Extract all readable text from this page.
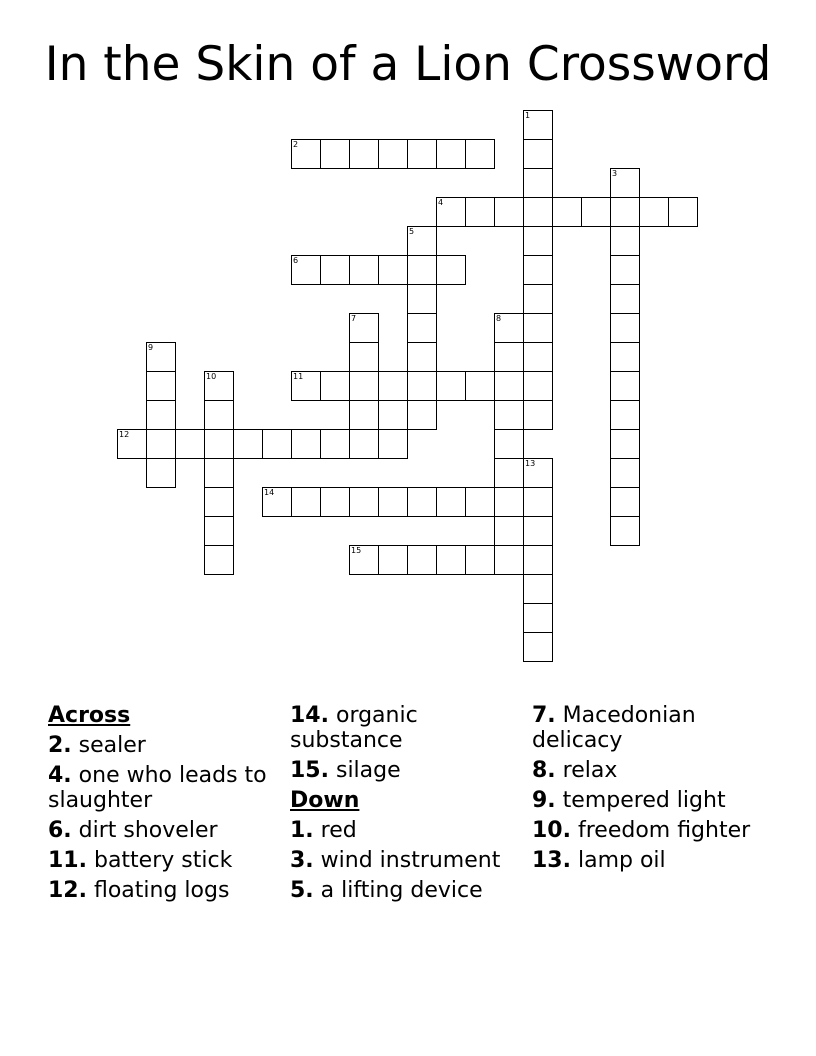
In the Skin of a Lion Crossword
1
2
3
4
5
6
7	8
9
10	11
12
13
14
15
Across
2. sealer
4. one who leads to slaughter
6. dirt shoveler
11. battery stick
12. floating logs
14. organic substance
15. silage
Down
1. red
3. wind instrument
5. a lifting device
7. Macedonian delicacy
8. relax
9. tempered light
10. freedom fighter
13. lamp oil
